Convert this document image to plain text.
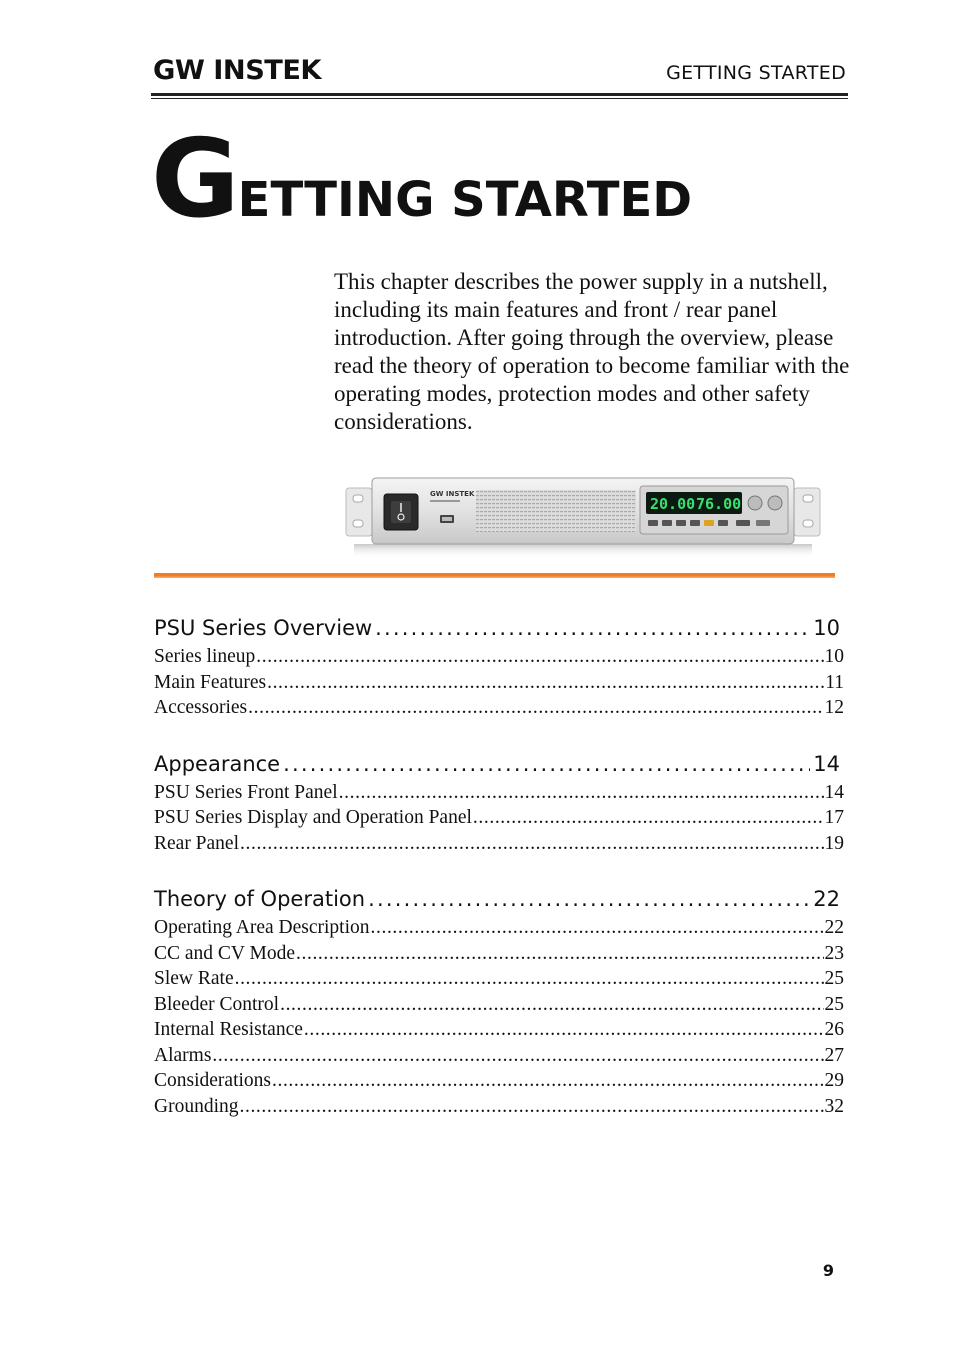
GW INSTEK	GETTING STARTED
GETTING STARTED

This chapter describes the power supply in a nutshell, including its main features and front / rear panel introduction. After going through the overview, please read the theory of operation to become familiar with the operating modes, protection modes and other safety considerations.

GW INSTEK
20.00 76.00
PSU Series Overview .....	10
Series lineup .....	10
Main Features .....	11
Accessories .....	12
Appearance .....	14
PSU Series Front Panel .....	14
PSU Series Display and Operation Panel .....	17
Rear Panel .....	19
Theory of Operation .....	22
Operating Area Description .....	22
CC and CV Mode .....	23
Slew Rate .....	25
Bleeder Control .....	25
Internal Resistance .....	26
Alarms .....	27
Considerations .....	29
Grounding .....	32
9
